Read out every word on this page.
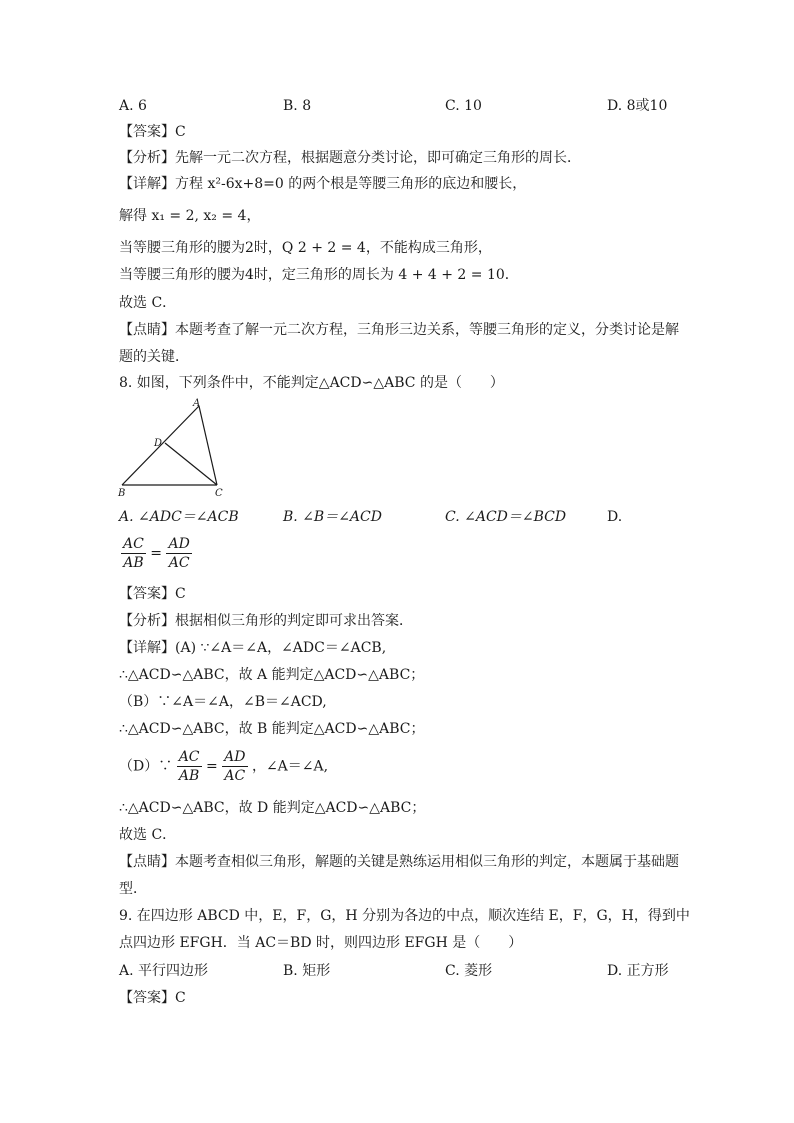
A. 6	B. 8	C. 10	D. 8或10
【答案】C
【分析】先解一元二次方程，根据题意分类讨论，即可确定三角形的周长．
【详解】方程 x²-6x+8=0 的两个根是等腰三角形的底边和腰长，
解得 x₁ = 2, x₂ = 4，
当等腰三角形的腰为2时，Q 2 + 2 = 4，不能构成三角形，
当等腰三角形的腰为4时，定三角形的周长为 4 + 4 + 2 = 10．
故选 C．
【点睛】本题考查了解一元二次方程，三角形三边关系，等腰三角形的定义，分类讨论是解
题的关键．
8. 如图，下列条件中，不能判定△ACD∽△ABC 的是（　　）
A
D
B	C
A. ∠ADC＝∠ACB	B. ∠B＝∠ACD	C. ∠ACD＝∠BCD	D.
$\frac{AC}{AB} = \frac{AD}{AC}$
【答案】C
【分析】根据相似三角形的判定即可求出答案．
【详解】(A) ∵∠A＝∠A，∠ADC＝∠ACB,
∴△ACD∽△ABC，故 A 能判定△ACD∽△ABC；
（B）∵∠A＝∠A，∠B＝∠ACD,
∴△ACD∽△ABC，故 B 能判定△ACD∽△ABC；
（D）∵ $\frac{AC}{AB} = \frac{AD}{AC}$ ，∠A＝∠A,
∴△ACD∽△ABC，故 D 能判定△ACD∽△ABC；
故选 C．
【点睛】本题考查相似三角形，解题的关键是熟练运用相似三角形的判定，本题属于基础题
型．
9. 在四边形 ABCD 中，E，F，G，H 分别为各边的中点，顺次连结 E，F，G，H，得到中
点四边形 EFGH．当 AC＝BD 时，则四边形 EFGH 是（　　）
A. 平行四边形	B. 矩形	C. 菱形	D. 正方形
【答案】C
